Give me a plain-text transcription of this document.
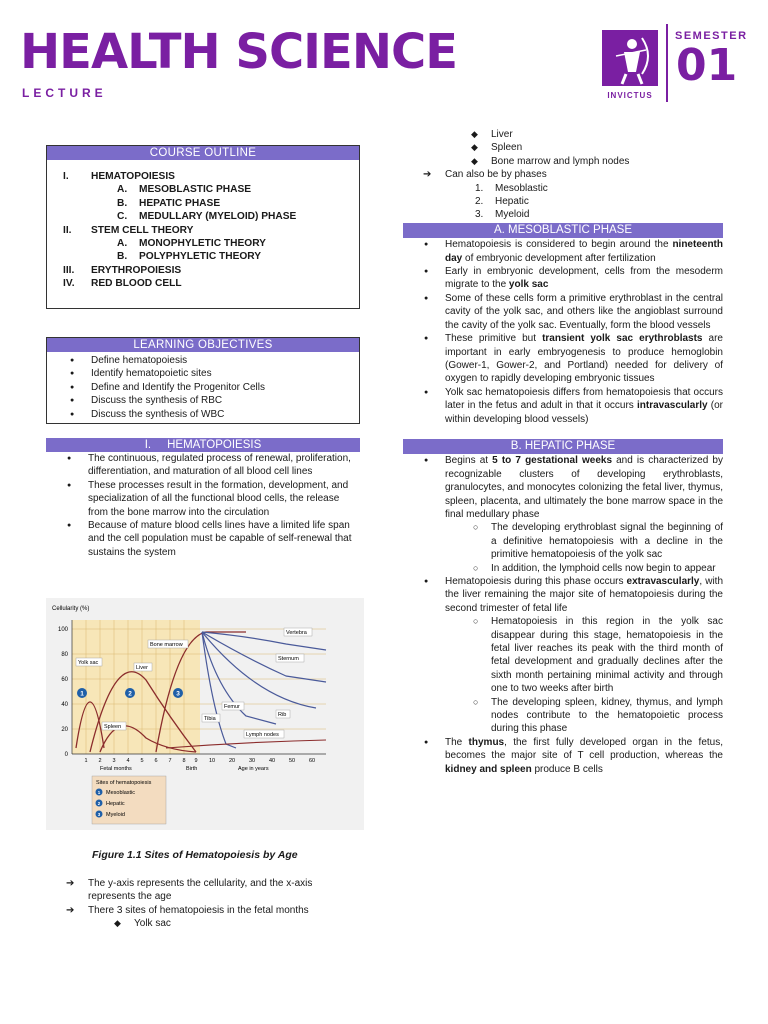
HEALTH SCIENCE
LECTURE	INVICTUS
SEMESTER
01
COURSE OUTLINE
I.	HEMATOPOIESIS
A.	MESOBLASTIC PHASE
B.	HEPATIC PHASE
C.	MEDULLARY (MYELOID) PHASE
II.	STEM CELL THEORY
A.	MONOPHYLETIC THEORY
B.	POLYPHYLETIC THEORY
III.	ERYTHROPOIESIS
IV.	RED BLOOD CELL
LEARNING OBJECTIVES
● Define hematopoiesis
● Identify hematopoietic sites
● Define and Identify the Progenitor Cells
● Discuss the synthesis of RBC
● Discuss the synthesis of WBC
I. HEMATOPOIESIS
● The continuous, regulated process of renewal, proliferation, differentiation, and maturation of all blood cell lines
● These processes result in the formation, development, and specialization of all the functional blood cells, the release from the bone marrow into the circulation
● Because of mature blood cells lines have a limited life span and the cell population must be capable of self-renewal that sustains the system
Cellularity (%)
100
80
60
40
20
0
Yolk sac
Liver
Bone marrow
Vertebra
Sternum
Femur
Tibia
Rib
Spleen
Lymph nodes
1	2	3
1 2 3 4 5 6 7 8 9 10	20	30	40	50	60
Fetal months	Birth	Age in years
Sites of hematopoiesis
1 Mesoblastic
2 Hepatic
3 Myeloid
Figure 1.1 Sites of Hematopoiesis by Age
➔ The y-axis represents the cellularity, and the x-axis represents the age
➔ There 3 sites of hematopoiesis in the fetal months
◆ Yolk sac
◆ Liver
◆ Spleen
◆ Bone marrow and lymph nodes
➔ Can also be by phases
1.	Mesoblastic
2.	Hepatic
3.	Myeloid
A. MESOBLASTIC PHASE
● Hematopoiesis is considered to begin around the nineteenth day of embryonic development after fertilization
● Early in embryonic development, cells from the mesoderm migrate to the yolk sac
● Some of these cells form a primitive erythroblast in the central cavity of the yolk sac, and others like the angioblast surround the cavity of the yolk sac. Eventually, form the blood vessels
● These primitive but transient yolk sac erythroblasts are important in early embryogenesis to produce hemoglobin (Gower-1, Gower-2, and Portland) needed for delivery of oxygen to rapidly developing embryonic tissues
● Yolk sac hematopoiesis differs from hematopoiesis that occurs later in the fetus and adult in that it occurs intravascularly (or within developing blood vessels)
B. HEPATIC PHASE
● Begins at 5 to 7 gestational weeks and is characterized by recognizable clusters of developing erythroblasts, granulocytes, and monocytes colonizing the fetal liver, thymus, spleen, placenta, and ultimately the bone marrow space in the final medullary phase
○ The developing erythroblast signal the beginning of a definitive hematopoiesis with a decline in the primitive hematopoiesis of the yolk sac
○ In addition, the lymphoid cells now begin to appear
● Hematopoiesis during this phase occurs extravascularly, with the liver remaining the major site of hematopoiesis during the second trimester of fetal life
○ Hematopoiesis in this region in the yolk sac disappear during this stage, hematopoiesis in the fetal liver reaches its peak with the third month of fetal development and gradually declines after the sixth month pertaining minimal activity and through one to two weeks after birth
○ The developing spleen, kidney, thymus, and lymph nodes contribute to the hematopoietic process during this phase
● The thymus, the first fully developed organ in the fetus, becomes the major site of T cell production, whereas the kidney and spleen produce B cells
